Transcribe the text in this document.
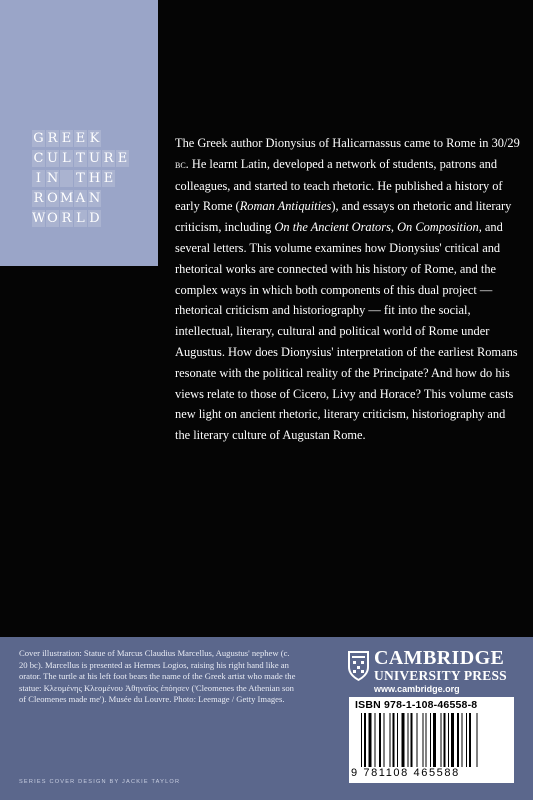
G R E E K
C U L T U R E
I N T H E
R O M A N
W O R L D

The Greek author Dionysius of Halicarnassus came to Rome in 30/29 bc. He learnt Latin, developed a network of students, patrons and colleagues, and started to teach rhetoric. He published a history of early Rome (Roman Antiquities), and essays on rhetoric and literary criticism, including On the Ancient Orators, On Composition, and several letters. This volume examines how Dionysius' critical and rhetorical works are connected with his history of Rome, and the complex ways in which both components of this dual project — rhetorical criticism and historiography — fit into the social, intellectual, literary, cultural and political world of Rome under Augustus. How does Dionysius' interpretation of the earliest Romans resonate with the political reality of the Principate? And how do his views relate to those of Cicero, Livy and Horace? This volume casts new light on ancient rhetoric, literary criticism, historiography and the literary culture of Augustan Rome.

Cover illustration: Statue of Marcus Claudius Marcellus, Augustus' nephew (c. 20 bc). Marcellus is presented as Hermes Logios, raising his right hand like an orator. The turtle at his left foot bears the name of the Greek artist who made the statue: Κλεομένης Κλεομένου Ἀθηναῖος ἐπόησεν ('Cleomenes the Athenian son of Cleomenes made me'). Musée du Louvre. Photo: Leemage / Getty Images.
SERIES COVER DESIGN BY JACKIE TAYLOR
CAMBRIDGE
UNIVERSITY PRESS
www.cambridge.org
ISBN 978-1-108-46558-8
9 781108 465588
